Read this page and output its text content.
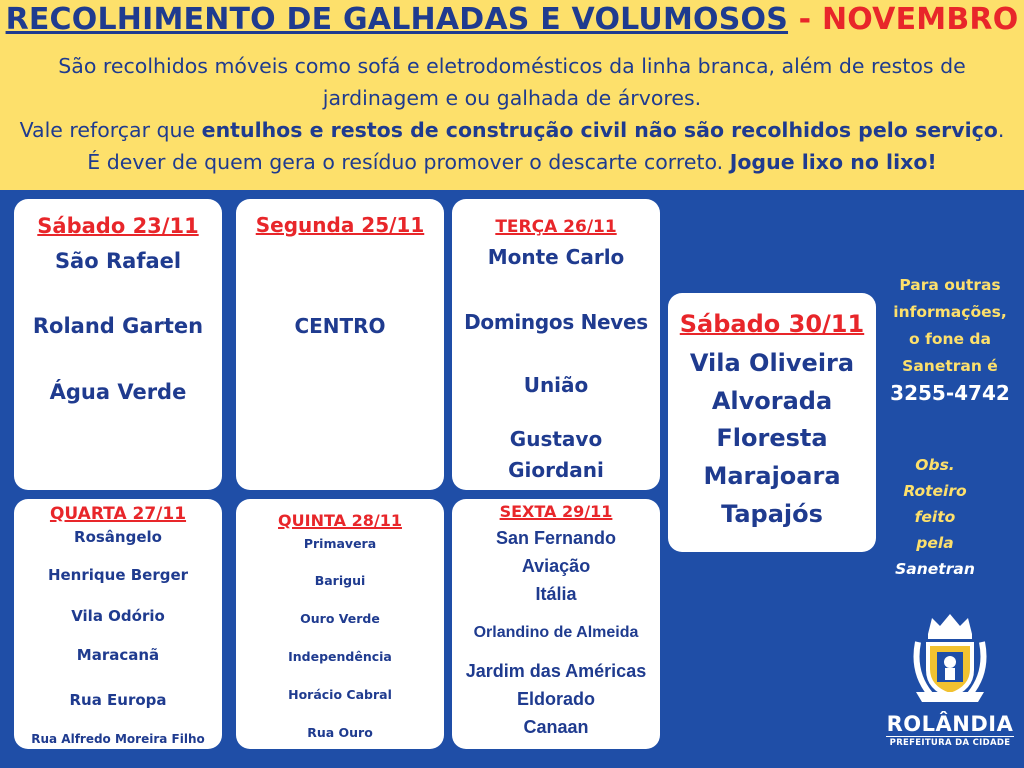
RECOLHIMENTO DE GALHADAS E VOLUMOSOS - NOVEMBRO
São recolhidos móveis como sofá e eletrodomésticos da linha branca, além de restos de
jardinagem e ou galhada de árvores.
Vale reforçar que entulhos e restos de construção civil não são recolhidos pelo serviço.
É dever de quem gera o resíduo promover o descarte correto. Jogue lixo no lixo!
Sábado 23/11
São Rafael
Roland Garten
Água Verde
Segunda 25/11
CENTRO
TERÇA 26/11
Monte Carlo
Domingos Neves
União
Gustavo
Giordani
QUARTA 27/11
Rosângelo
Henrique Berger
Vila Odório
Maracanã
Rua Europa
Rua Alfredo Moreira Filho
QUINTA 28/11
Primavera
Barigui
Ouro Verde
Independência
Horácio Cabral
Rua Ouro
SEXTA 29/11
San Fernando
Aviação
Itália
Orlandino de Almeida
Jardim das Américas
Eldorado
Canaan
Sábado 30/11
Vila Oliveira
Alvorada
Floresta
Marajoara
Tapajós
Para outras
informações,
o fone da
Sanetran é
3255-4742
Obs.
Roteiro
feito
pela
Sanetran
ROLÂNDIA
PREFEITURA DA CIDADE
